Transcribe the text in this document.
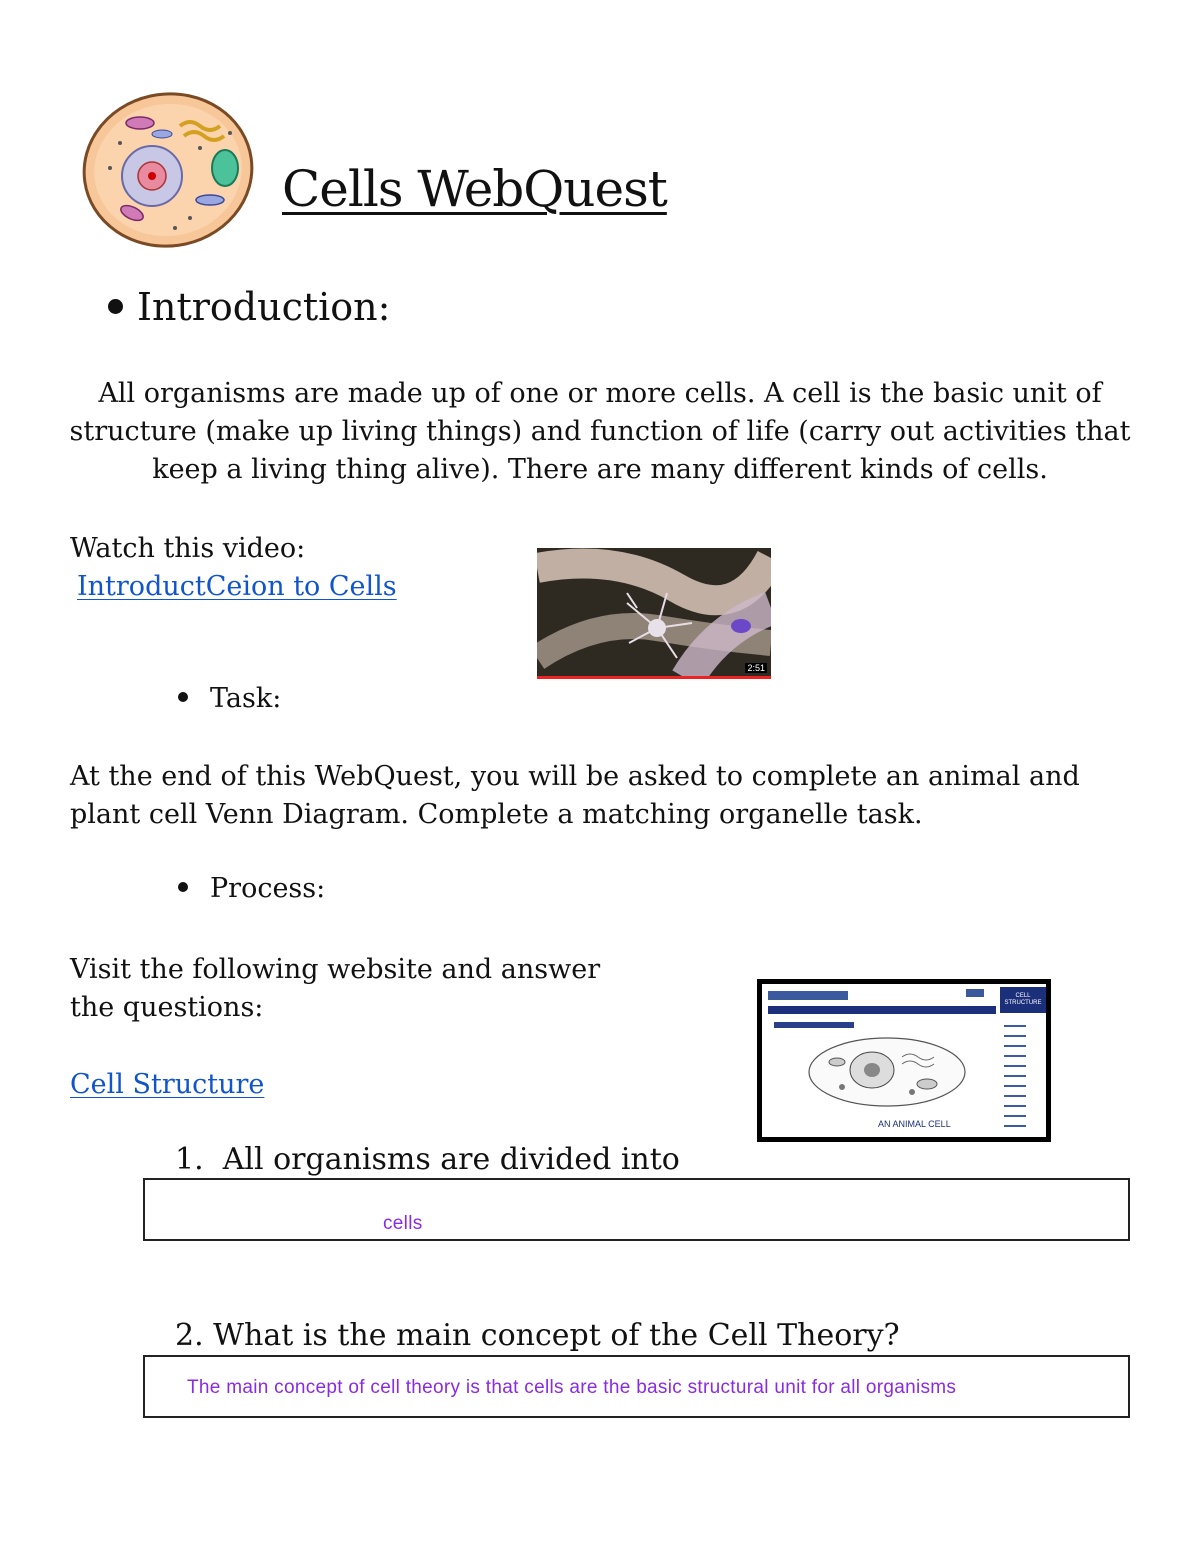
Cells WebQuest
Introduction:
All organisms are made up of one or more cells. A cell is the basic unit of structure (make up living things) and function of life (carry out activities that keep a living thing alive). There are many different kinds of cells.
Watch this video:
IntroductCeion to Cells
2:51
Task:
At the end of this WebQuest, you will be asked to complete an animal and plant cell Venn Diagram. Complete a matching organelle task.
Process:
Visit the following website and answer
the questions:
Cell Structure
CELL STRUCTURE
AN ANIMAL CELL
1. All organisms are divided into
cells
2. What is the main concept of the Cell Theory?
The main concept of cell theory is that cells are the basic structural unit for all organisms
